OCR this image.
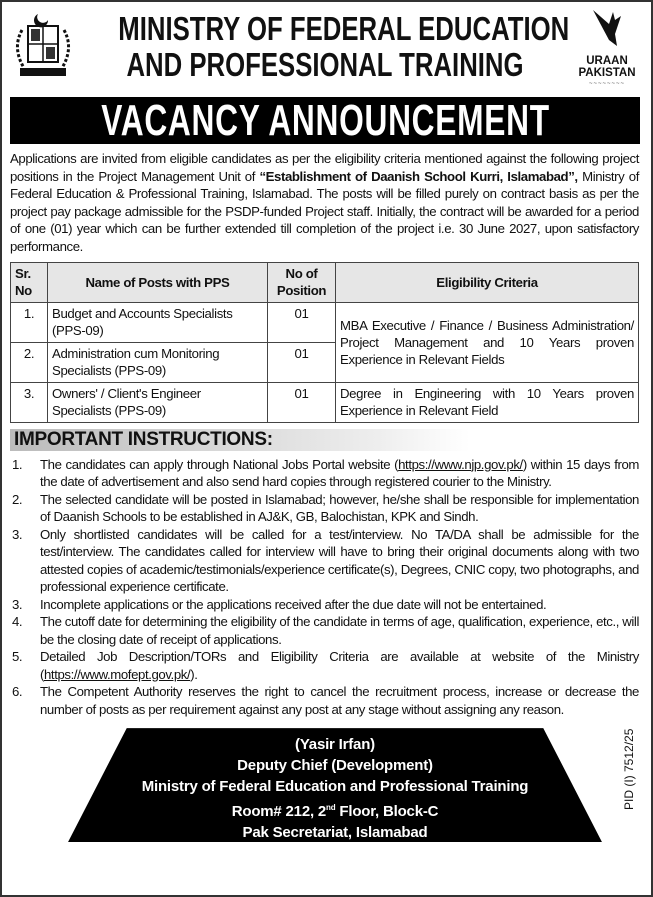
MINISTRY OF FEDERAL EDUCATION
AND PROFESSIONAL TRAINING	URAAN
PAKISTAN
~~~~~~~~
VACANCY ANNOUNCEMENT

Applications are invited from eligible candidates as per the eligibility criteria mentioned against the following project positions in the Project Management Unit of “Establishment of Daanish School Kurri, Islamabad”, Ministry of Federal Education & Professional Training, Islamabad. The posts will be filled purely on contract basis as per the project pay package admissible for the PSDP-funded Project staff. Initially, the contract will be awarded for a period of one (01) year which can be further extended till completion of the project i.e. 30 June 2027, upon satisfactory performance.

Sr. No	Name of Posts with PPS	No of Position	Eligibility Criteria
1.	Budget and Accounts Specialists (PPS-09)	01	MBA Executive / Finance / Business Administration/ Project Management and 10 Years proven Experience in Relevant Fields
2.	Administration cum Monitoring Specialists (PPS-09)	01	
3.	Owners' / Client's Engineer Specialists (PPS-09)	01	Degree in Engineering with 10 Years proven Experience in Relevant Field
IMPORTANT INSTRUCTIONS:
1.	The candidates can apply through National Jobs Portal website (https://www.njp.gov.pk/) within 15 days from the date of advertisement and also send hard copies through registered courier to the Ministry.
2.	The selected candidate will be posted in Islamabad; however, he/she shall be responsible for implementation of Daanish Schools to be established in AJ&K, GB, Balochistan, KPK and Sindh.
3.	Only shortlisted candidates will be called for a test/interview. No TA/DA shall be admissible for the test/interview. The candidates called for interview will have to bring their original documents along with two attested copies of academic/testimonials/experience certificate(s), Degrees, CNIC copy, two photographs, and professional experience certificate.
3.	Incomplete applications or the applications received after the due date will not be entertained.
4.	The cutoff date for determining the eligibility of the candidate in terms of age, qualification, experience, etc., will be the closing date of receipt of applications.
5.	Detailed Job Description/TORs and Eligibility Criteria are available at website of the Ministry (https://www.mofept.gov.pk/).
6.	The Competent Authority reserves the right to cancel the recruitment process, increase or decrease the number of posts as per requirement against any post at any stage without assigning any reason.
(Yasir Irfan)
Deputy Chief (Development)
Ministry of Federal Education and Professional Training
Room# 212, 2nd Floor, Block-C
Pak Secretariat, Islamabad
PID (I) 7512/25
